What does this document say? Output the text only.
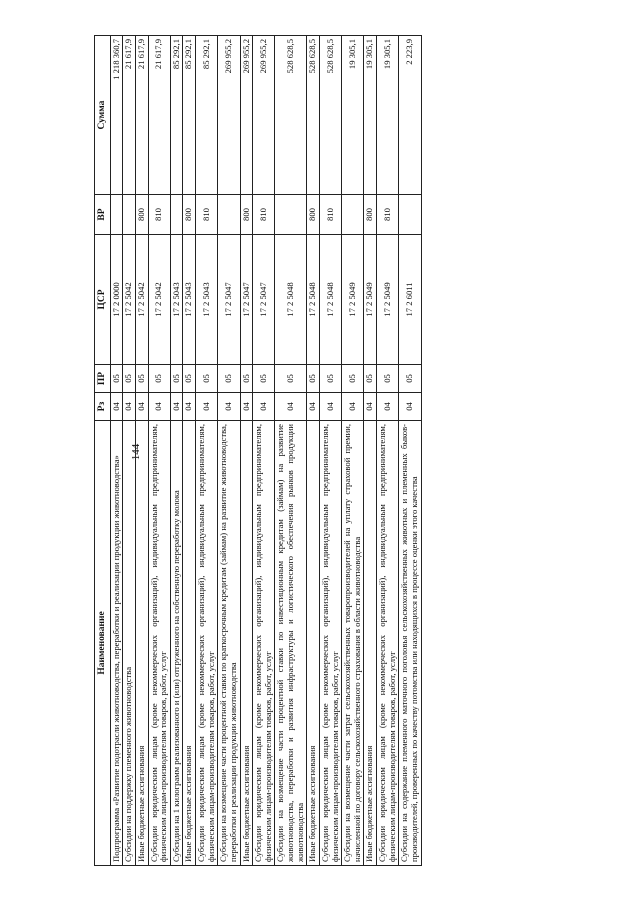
144
Наименование	Рз	ПР	ЦСР	ВР	Сумма
Подпрограмма «Развитие подотрасли животноводства, переработки и реализации продукции животноводства»	04	05	17 2 0000		1 218 360,7
Субсидии на поддержку племенного животноводства	04	05	17 2 5042		21 617,9
Иные бюджетные ассигнования	04	05	17 2 5042	800	21 617,9
Субсидии юридическим лицам (кроме некоммерческих организаций), индивидуальным предпринимателям, физическим лицам-производителям товаров, работ, услуг	04	05	17 2 5042	810	21 617,9
Субсидии на 1 килограмм реализованного и (или) отгруженного на собственную переработку молока	04	05	17 2 5043		85 292,1
Иные бюджетные ассигнования	04	05	17 2 5043	800	85 292,1
Субсидии юридическим лицам (кроме некоммерческих организаций), индивидуальным предпринимателям, физическим лицам-производителям товаров, работ, услуг	04	05	17 2 5043	810	85 292,1
Субсидии на возмещение части процентной ставки по краткосрочным кредитам (займам) на развитие животноводства, переработки и реализации продукции животноводства	04	05	17 2 5047		269 955,2
Иные бюджетные ассигнования	04	05	17 2 5047	800	269 955,2
Субсидии юридическим лицам (кроме некоммерческих организаций), индивидуальным предпринимателям, физическим лицам-производителям товаров, работ, услуг	04	05	17 2 5047	810	269 955,2
Субсидии на возмещение части процентной ставки по инвестиционным кредитам (займам) на развитие животноводства, переработки и развития инфраструктуры и логистического обеспечения рынков продукции животноводства	04	05	17 2 5048		528 628,5
Иные бюджетные ассигнования	04	05	17 2 5048	800	528 628,5
Субсидии юридическим лицам (кроме некоммерческих организаций), индивидуальным предпринимателям, физическим лицам-производителям товаров, работ, услуг	04	05	17 2 5048	810	528 628,5
Субсидии на возмещение части затрат сельскохозяйственных товаропроизводителей на уплату страховой премии, начисленной по договору сельскохозяйственного страхования в области животноводства	04	05	17 2 5049		19 305,1
Иные бюджетные ассигнования	04	05	17 2 5049	800	19 305,1
Субсидии юридическим лицам (кроме некоммерческих организаций), индивидуальным предпринимателям, физическим лицам-производителям товаров, работ, услуг	04	05	17 2 5049	810	19 305,1
Субсидии на содержание племенного маточного поголовья сельскохозяйственных животных и племенных быков-производителей, проверенных по качеству потомства или находящихся в процессе оценки этого качества	04	05	17 2 6011		2 223,9
